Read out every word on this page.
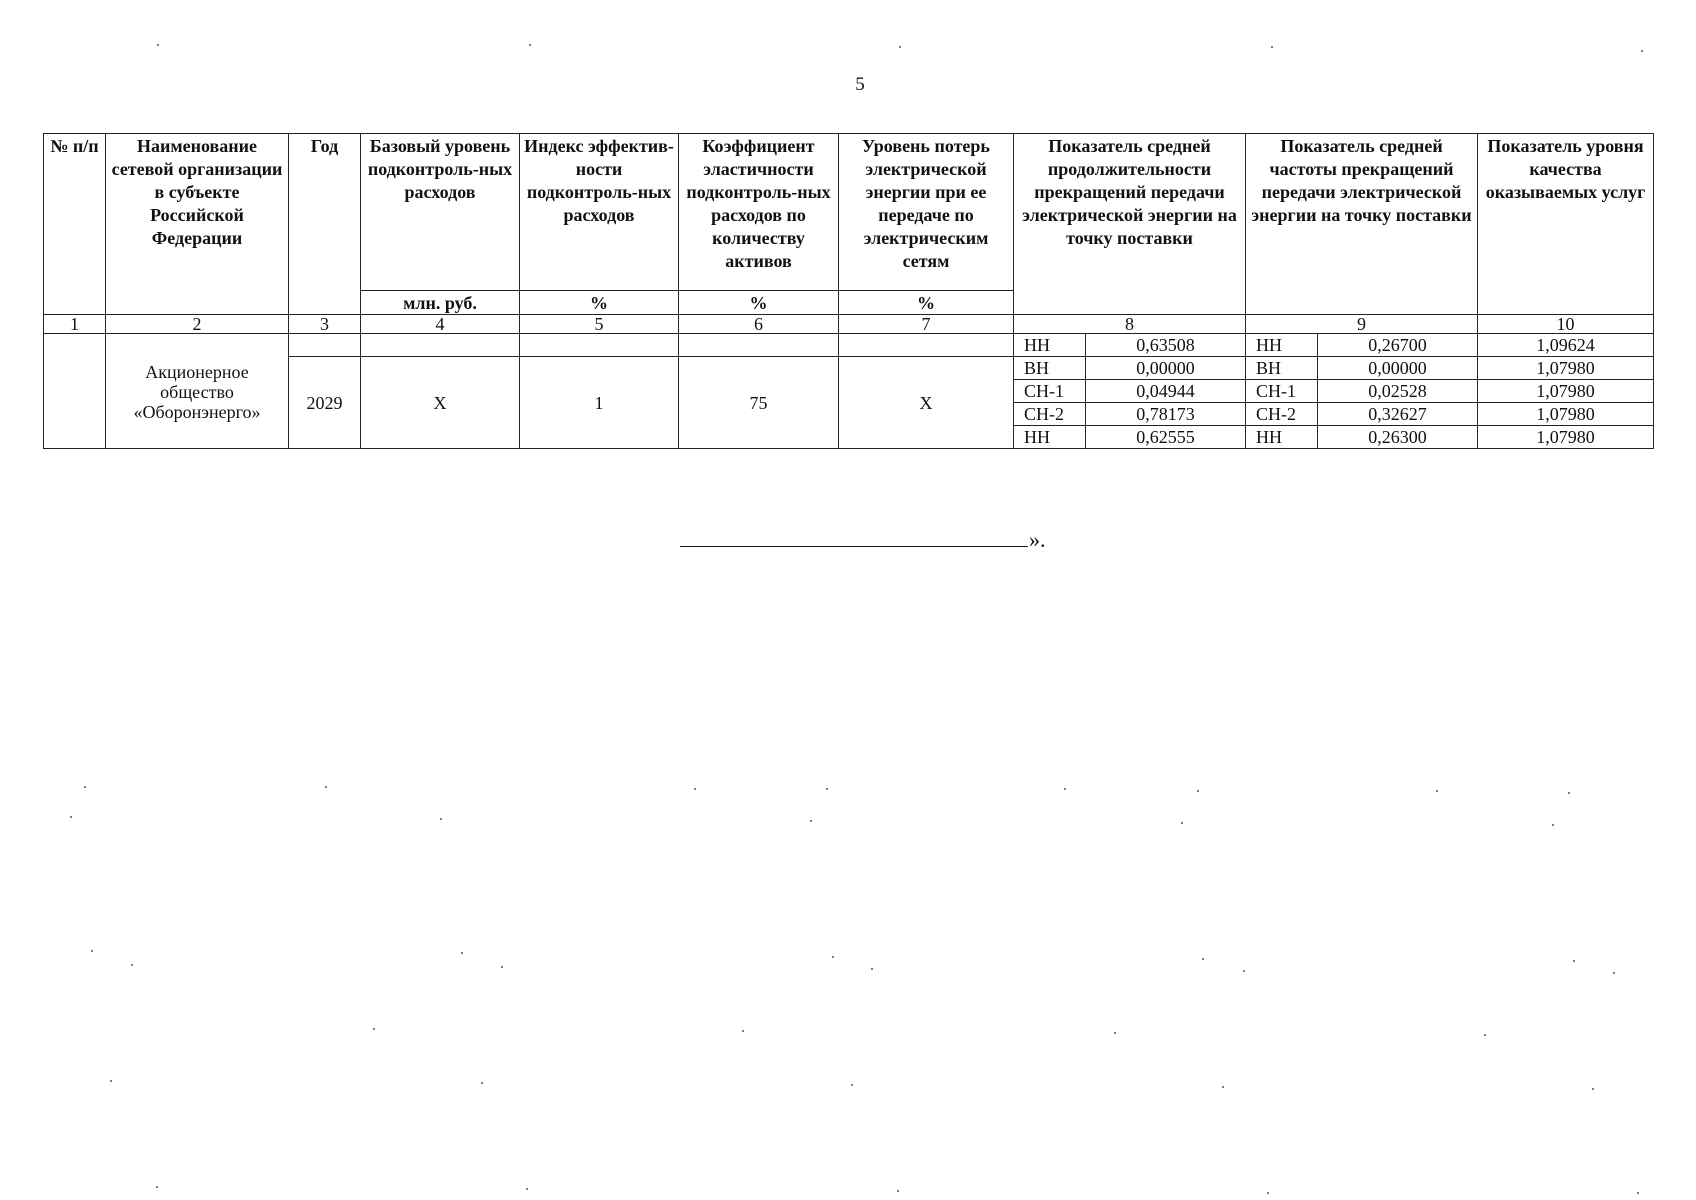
5
№ п/п	Наименование сетевой организации в субъекте Российской Федерации	Год	Базовый уровень подконтроль-ных расходов	Индекс эффектив-ности подконтроль-ных расходов	Коэффициент эластичности подконтроль-ных расходов по количеству активов	Уровень потерь электрической энергии при ее передаче по электрическим сетям	Показатель средней продолжительности прекращений передачи электрической энергии на точку поставки		Показатель средней частоты прекращений передачи электрической энергии на точку поставки		Показатель уровня качества оказываемых услуг
			млн. руб.	%	%	%					
1	2	3	4	5	6	7	8		9		10
	Акционерное общество «Оборонэнерго»						НН	0,63508	НН	0,26700	1,09624
		2029	Х	1	75	Х	ВН	0,00000	ВН	0,00000	1,07980
							СН-1	0,04944	СН-1	0,02528	1,07980
							СН-2	0,78173	СН-2	0,32627	1,07980
							НН	0,62555	НН	0,26300	1,07980
».
